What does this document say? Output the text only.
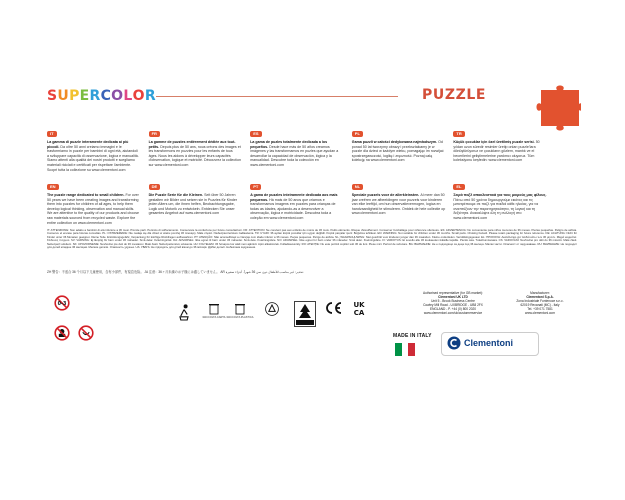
SUPERCOLOR	PUZZLE
IT

La gamma di puzzle interamente dedicata ai più piccoli. Da oltre 50 anni creiamo immagini e le trasformiamo in puzzle per bambini di ogni età, aiutandoli a sviluppare capacità di osservazione, logica e manualità. Siamo attenti alla qualità dei nostri prodotti e scegliamo materiali riciclati e certificati per rispettare l'ambiente. Scopri tutta la collezione su www.clementoni.com

FR

La gamme de puzzles entièrement dédiée aux tout-petits. Depuis plus de 50 ans, nous créons des images et les transformons en puzzles pour les enfants de tous âges. Nous les aidons à développer leurs capacités d'observation, logique et motricité. Découvrez la collection sur www.clementoni.com

ES

La gama de puzles totalmente dedicada a los pequeños. Desde hace más de 50 años creamos imágenes y las transformamos en puzles que ayudan a desarrollar la capacidad de observación, lógica y la manualidad. Descubre toda la colección en www.clementoni.com

PL

Gama puzzli w całości dedykowana najmłodszym. Od ponad 50 lat tworzymy obrazy i przekształcamy je w puzzle dla dzieci w każdym wieku, pomagając im rozwijać spostrzegawczość, logikę i zręczność. Poznaj całą kolekcję na www.clementoni.com

TR

Küçük çocuklar için özel üretilmiş puzzle serisi. 50 yıldan uzun süredir resimler üretip onları puzzle'lara dönüştürüyoruz ve çocukların gözlem, mantık ve el becerilerini geliştirmelerine yardımcı oluyoruz. Tüm koleksiyonu keşfedin: www.clementoni.com

EN

The puzzle range dedicated to small children. For over 50 years we have been creating images and transforming them into puzzles for children of all ages, to help them develop logical thinking, observation and manual skills. We are attentive to the quality of our products and choose raw materials sourced from recycled waste. Explore the entire collection on www.clementoni.com

DE

Die Puzzle Serie für die Kleinen. Seit über 50 Jahren gestalten wir Bilder und setzen sie in Puzzles für Kinder jeden Alters um, die ihnen helfen, Beobachtungsgabe, Logik und Motorik zu entwickeln. Entdecken Sie unser gesamtes Angebot auf www.clementoni.com

PT

A gama de puzzles inteiramente dedicada aos mais pequenos. Há mais de 50 anos que criamos e transformamos imagens em puzzles para crianças de todas as idades, ajudando-as a desenvolver a observação, lógica e motricidade. Descubra toda a coleção em www.clementoni.com

NL

Speciale puzzels voor de allerkleinsten. Al meer dan 50 jaar creëren we afbeeldingen voor puzzels voor kinderen van elke leeftijd, om hun observatievermogen, logica en handvaardigheid te stimuleren. Ontdek de hele collectie op www.clementoni.com

EL

Σειρά παζλ αποκλειστικά για τους μικρούς μας φίλους. Πάνω από 50 χρόνια δημιουργούμε εικόνες και τις μετατρέπουμε σε παζλ για παιδιά κάθε ηλικίας, για να αναπτύξουν την παρατηρητικότητα, τη λογική και τη δεξιότητα. Ανακαλύψτε όλη τη συλλογή στο www.clementoni.com

IT: ATTENZIONE: Non adatto a bambini di età inferiore a 36 mesi. Piccole parti. Pericolo di soffocamento. Conservare la confezione per future consultazioni. FR: ATTENTION: Ne convient pas aux enfants de moins de 36 mois. Petits éléments. Risque d'étouffement. Conserver l'emballage pour référence ultérieure. ES: ADVERTENCIA: No conveniente para niños menores de 36 meses. Piezas pequeñas. Peligro de asfixia. Conserve el envase para futuras consultas. PL: OSTRZEŻENIE: Nie nadaje się dla dzieci w wieku poniżej 36 miesięcy. Małe części. Niebezpieczeństwo zadławienia. TR: UYARI: 36 aydan küçük çocuklar için uygun değildir. Küçük parçalar içerir. Boğulma tehlikesi. EN: WARNING: Not suitable for children under 36 months. Small parts. Choking hazard. Please retain packaging for future reference. DE: ACHTUNG: Nicht für Kinder unter 36 Monaten geeignet. Kleine Teile. Erstickungsgefahr. Verpackung für künftige Rückfragen aufbewahren. PT: ATENÇÃO: Não aconselhável a crianças com idade inferior a 36 meses. Peças pequenas. Perigo de asfixia. NL: WAARSCHUWING: Niet geschikt voor kinderen jonger dan 36 maanden. Kleine onderdelen. Verstikkingsgevaar. EL: ΠΡΟΣΟΧΗ: Ακατάλληλο για παιδιά κάτω των 36 μηνών. Μικρά κομμάτια. Κίνδυνος πνιγμού. SV: VARNING: Ej lämplig för barn under 36 månader. Små delar. Kvävningsrisk. DA: ADVARSEL: Ikke egnet til børn under 36 måneder. Små dele. Kvælningsfare. NO: ADVARSEL: Ikke egnet for barn under 36 måneder. Små deler. Kvelningsfare. FI: VAROITUS: Ei sovellu alle 36 kuukauden ikäisille lapsille. Pieniä osia. Tukehtumisvaara. CS: VAROVÁNÍ: Nevhodné pro děti do 36 měsíců. Malé části. Nebezpečí udušení. SK: UPOZORNENIE: Nevhodné pre deti do 36 mesiacov. Malé časti. Nebezpečenstvo udusenia. HU: FIGYELEM: 36 hónapos kor alatt nem ajánlott. Apró alkatrészek. Fulladásveszély. RO: ATENȚIE: Nu este potrivit copiilor sub 36 de luni. Piese mici. Pericol de sufocare. BG: ВНИМАНИЕ: Не е подходящо за деца под 36 месеца. Малки части. Опасност от задушаване. RU: ВНИМАНИЕ: Не подходит для детей младше 36 месяцев. Мелкие детали. Опасность удушья. UA: УВАГА: Не підходить для дітей віком до 36 місяців. Дрібні деталі. Небезпека задушення.

ZH 警告：不适合 36 个月以下儿童使用，含有小部件，有窒息危险。 JA 注意：36ヶ月未満のお子様には適していません。 AR تحذير: غير مناسب للأطفال دون سن 36 شهراً. أجزاء صغيرة.

0-3
RACCOLTA CARTA RACCOLTA PLASTICA
UK
CA
Authorised representative (for GB market):
Clementoni UK LTD
Unit 5 - Brook Business Centre
Cowley Mill Road - UXBRIDGE - UB8 2FX
ENGLAND - P. +44 (0) 800 2020
www.clementoni.com/uk/customerservice
Manufacturer:
Clementoni S.p.A.
Zona Industriale Fontenoce s.n.c.
62019 Recanati (MC) - Italy
Tel. +39 071 7581
www.clementoni.com
MADE IN ITALY
Clementoni
